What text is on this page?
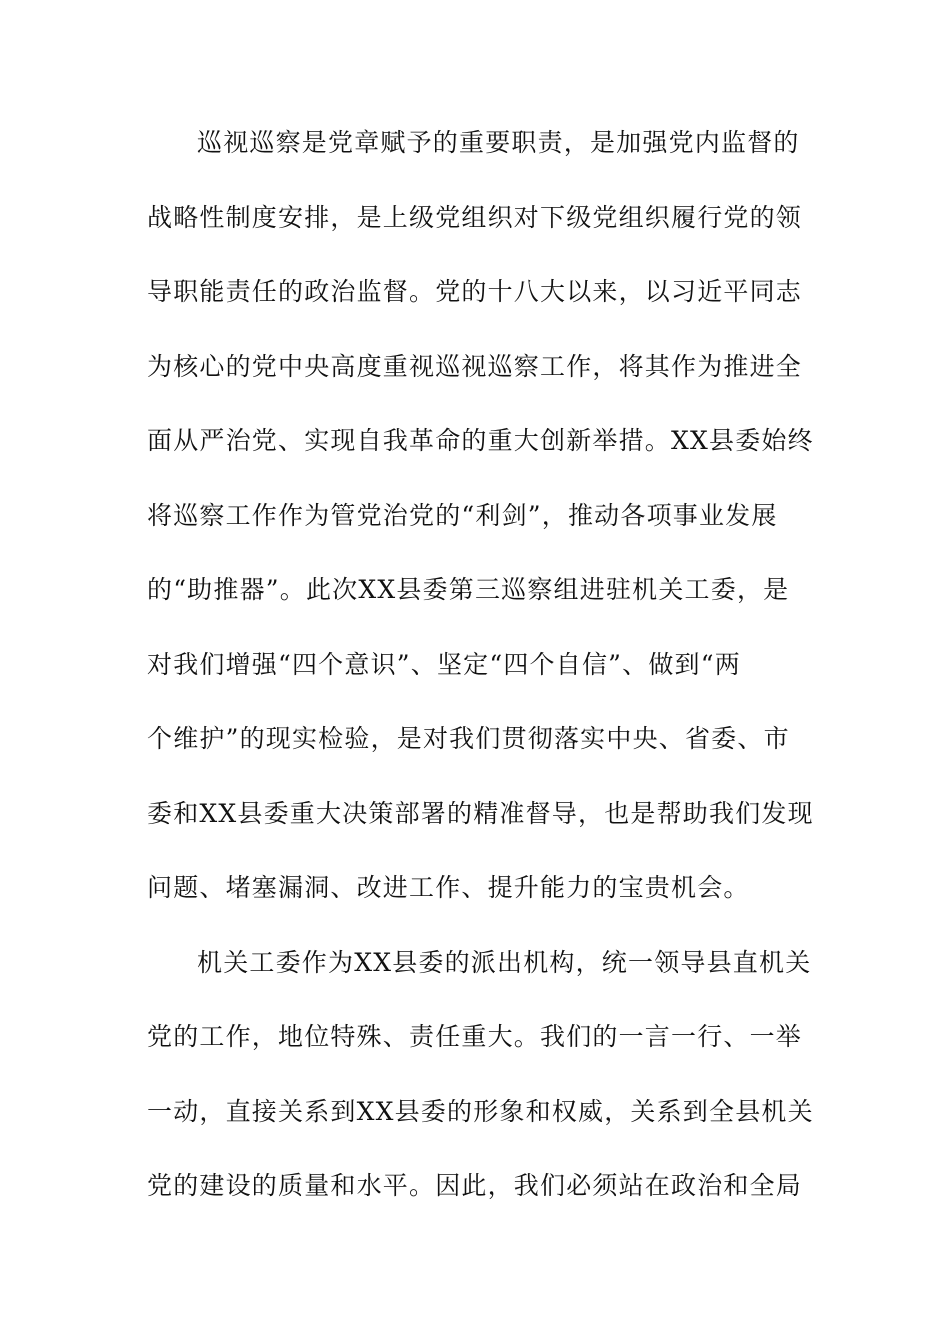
巡视巡察是党章赋予的重要职责，是加强党内监督的
战略性制度安排，是上级党组织对下级党组织履行党的领
导职能责任的政治监督。党的十八大以来，以习近平同志
为核心的党中央高度重视巡视巡察工作，将其作为推进全
面从严治党、实现自我革命的重大创新举措。XX县委始终
将巡察工作作为管党治党的“利剑”，推动各项事业发展
的“助推器”。此次XX县委第三巡察组进驻机关工委，是
对我们增强“四个意识”、坚定“四个自信”、做到“两
个维护”的现实检验，是对我们贯彻落实中央、省委、市
委和XX县委重大决策部署的精准督导，也是帮助我们发现
问题、堵塞漏洞、改进工作、提升能力的宝贵机会。
机关工委作为XX县委的派出机构，统一领导县直机关
党的工作，地位特殊、责任重大。我们的一言一行、一举
一动，直接关系到XX县委的形象和权威，关系到全县机关
党的建设的质量和水平。因此，我们必须站在政治和全局
